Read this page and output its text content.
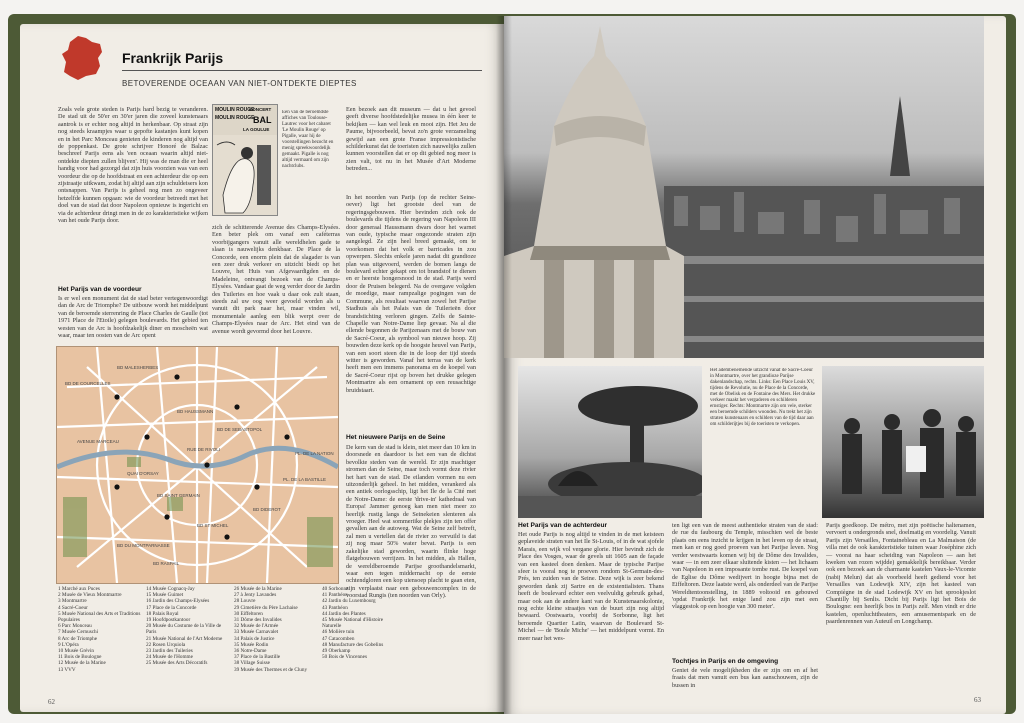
Frankrijk Parijs
BETOVERENDE OCEAAN VAN NIET-ONTDEKTE DIEPTES
Zoals vele grote steden is Parijs hard bezig te veranderen. De stad uit de 50'er en 30'er jaren die zoveel kunstenaars aantrok is er echter nog altijd in herkenbaar. Op straat zijn nog steeds kraampjes waar u gepofte kastanjes kunt kopen en in het Parc Monceau genieten de kinderen nog altijd van de poppenkast. De grote schrijver Honoré de Balzac beschreef Parijs eens als 'een oceaan waarin altijd niet-ontdekte diepten zullen blijven'. Hij was de man die er heel handig voor had gezorgd dat zijn huis voorzien was van een voordeur die op de hoofdstraat en een achterdeur die op een zijstraatje uitkwam, zodat hij altijd aan zijn schuldeisers kon ontsnappen. Van Parijs is geheel nog men zo ongeveer hetzelfde kunnen opgaan: wie de voordeur betreedt met het doel van de stad dat door Napoleon opnieuw is ingericht en via de achterdeur dringt men in de zo karakteristieke wijken van het oude Parijs door.
MOULIN ROUGE
CONCERT
BAL
MOULIN ROUGE
LA GOULUE
Een van de beroemdste affiches van Toulouse-Lautrec voor het cabaret 'Le Moulin Rouge' op Pigalle, waar hij de voorstellingen bezocht en menig spreekwoordelijk gemaakt. Pigalle is nog altijd vermaard om zijn nachtclubs.
zich de schitterende Avenue des Champs-Elysées. Een beter plek om vanaf een caféterras voorbijgangers vanuit alle wereldhelen gade te slaan is nauwelijks denkbaar. De Place de la Concorde, een enorm plein dat de slagader is van een zeer druk verkeer en uitzicht biedt op het Louvre, het Huis van Afgevaardigden en de Madeleine, ontvangt bezoek van de Champs-Elysées. Vandaar gaat de weg verder door de Jardin des Tuileries en hoe vaak u daar ook zult staan, steeds zal uw oog weer gevoeld worden als u vanuit dit park naar het, maar vinden wil, monumentale aanleg een blik werpt over de Champs-Elysées naar de Arc. Het eind van de avenue wordt gevormd door het Louvre.
Het Parijs van de voordeur
Is er wel een monument dat de stad beter vertegenwoordigt dan de Arc de Triomphe? De uitbouw wordt het middelpunt van de beroemde sterrenring de Place Charles de Gaulle (tot 1971 Place de l'Etoile) gelegen boulevards. Het gebied ten westen van de Arc is hoofdzakelijk diner en moscheën wat waar, maar ten oosten van de Arc opent
BD MALESHERBES
BD DE COURCELLES
BD HAUSSMANN
AVENUE MARCEAU
QUAI D'ORSAY
BD SAINT GERMAIN
BD DU MONTPARNASSE
BD ST MICHEL
RUE DE RIVOLI
BD DE SEBASTOPOL
BD RASPAIL
PL. DE LA BASTILLE
BD DIDEROT
PL. DE LA NATION
1 Marché aux Puces
2 Musée de Vieux Montmartre
3 Montmartre
4 Sacré-Coeur
5 Musée National des Arts et Traditions Populaires
6 Parc Monceau
7 Musée Cernuschi
8 Arc de Triomphe
9 L'Opéra
10 Musée Grévin
11 Bois de Boulogne
12 Musée de la Marine
13 VVV
14 Musée Cognacq-Jay
15 Musée Guimet
16 Jardin des Champs-Elysées
17 Place de la Concorde
18 Palais Royal
19 Hoofdpostkantoor
20 Musée du Costume de la Ville de Paris
21 Musée National de l'Art Moderne
22 Rosen Urquiola
23 Jardin des Tuileries
24 Musée de l'Homme
25 Musée des Arts Décoratifs
26 Musée de la Marine
27 à Jenty Lavandes
28 Louvre
29 Cimetière du Père Lachaise
30 Eiffeltoren
31 Dôme des Invalides
32 Musée de l'Armée
33 Musée Carnavalet
34 Palais de Justice
35 Musée Rodin
36 Notre-Dame
37 Place de la Bastille
38 Village Suisse
39 Musée des Thermes et de Cluny
40 Sorbonne
41 Panthéon
42 Jardin du Luxembourg
43 Panthéon
44 Jardin des Plantes
45 Musée National d'Histoire Naturelle
46 Molière tuin
47 Catacomben
48 Manufacture des Gobelins
49 Oberkamp
50 Bois de Vincennes
Een bezoek aan dit museum — dat u het gevoel geeft diverse hoofdstedelijke musea in één keer te bekijken — kan wel leuk en mooi zijn. Het Jeu de Paume, bijvoorbeeld, bevat zo'n grote verzameling gewijd aan een grote Franse impressionistische schilderkunst dat de toeristen zich nauwelijks zullen kunnen voorstellen dat er op dit gebied nog meer is zien valt, tot nu in het Musée d'Art Moderne betreden...
In het noorden van Parijs (op de rechter Seine-oever) ligt het grootste deel van de regeringsgebouwen. Hier bevinden zich ook de boulevards die tijdens de regering van Napoleon III door generaal Haussmann dwars door het warnet van oude, typische maar ongezonde straten zijn aangelegd. Ze zijn heel breed gemaakt, om te voorkomen dat het volk er barricades in zou opwerpen. Slechts enkele jaren nadat dit grandioze plan was uitgevoerd, werden de bomen langs de boulevard echter gekapt om tot brandstof te dienen en er heerste hongersnood in de stad. Parijs werd door de Pruisen belegerd. Na de overgave volgden de moedige, maar rampzalige pogingen van de Commune, als resultaat waarvan zowel het Parijse Stadhuis als het Palais van de Tuilerieën door brandstichting verloren gingen. Zelfs de Sainte-Chapelle van Notre-Dame liep gevaar. Na al die ellende begonnen de Parijzenaars met de bouw van de Sacré-Coeur, als symbool van nieuwe hoop. Zij bouwden deze kerk op de hoogste heuvel van Parijs, van een soort steen die in de loop der tijd steeds witter is geworden. Vanaf het terras van de kerk heeft men een immens panorama en de koepel van de Sacré-Coeur rijst op boven het drukke gelegen Montmartre als een ornament op een reusachtige bruidstaart.
Het nieuwere Parijs en de Seine
De kern van de stad is klein, niet meer dan 10 km in doorsnede en daardoor is het een van de dichtst bevolkte steden van de wereld. Er zijn machtiger stromen dan de Seine, maar toch vormt deze rivier het hart van de stad. De eilanden vormen nu een uitzonderlijk geheel. In het midden, verankerd als een antiek oorlogsschip, ligt het Ile de la Cité met de Notre-Dame: de eerste 'drive-in' kathedraal van Europa! Jammer genoeg kan men niet meer zo heerlijk rustig langs de Seinekeien slenteren als vroeger. Heel wat sommeriike plekjes zijn ten offer gevallen aan de autoweg. Wat de Seine zelf betreft, zal men u vertellen dat de rivier zo vervuild is dat zij nog maar 50% water bevat. Parijs is een zakelijke stad geworden, waarin flinke hoge flatgebouwen verrijzen. In het midden, als Hallen, de wereldberoemde Parijse groothandelsmarkt, waar een tegen middernacht op de eerste ochtendgloren een kop uiensoep placht te gaan eten, zijn verplaatst naar een gebouwencomplex in de voorstad Rungis (ten noorden van Orly).
62
Het adembenemende uitzicht vanaf de Sacré-Coeur in Montmartre, over het grandioze Parijse dakenlandschap, rechts. Links: Een Place Louis XV, tijdens de Revolutie, nu de Place de la Concorde, met de Obelisk en de Fontaine des Mers. Het drukke verkeer maakt het vergaderen en schilderen ernstiger. Rechts: Montmartre zijn om vele, sterker een beroemde schilders woonden. Nu trekt het zijn straten kunstenaars en schilders van de tijd daar aan om schilderijtjes bij de toeristen te verkopen.
Het Parijs van de achterdeur
Het oude Parijs is nog altijd te vinden in de met keisteen geplaveide straten van het Ile St-Louis, of in de wat sjofele Marais, een wijk vol vergane glorie. Hier bevindt zich de Place des Vosges, waar de gevels uit 1605 aan de façade van een kasteel doen denken. Maar de typische Parijse sfeer is vooral nog te proeven rondom St-Germain-des-Prés, ten zuiden van de Seine. Deze wijk is zeer bekend geworden dank zij Sartre en de existentialisten. Thans heeft de boulevard echter een veelvuldig gebruik gehad, maar ook aan de andere kant van de Kunstenaarskolonie, nog echte kleine straatjes van de buurt zijn nog altijd bewaard. Oostwaarts, voorbij de Sorbonne, ligt het beroemde Quartier Latin, waarvan de Boulevard St-Michel — de 'Boule Miche' — het middelpunt vormt. En meer naar het wes-
ten ligt een van de meest authentieke straten van de stad: de rue du faubourg du Temple, misschien wel de beste plaats om eens inzicht te krijgen in het leven op de straat, men kan er nog goed proeven van het Parijse leven. Nog verder westwaarts komen wij bij de Dôme des Invalides, waar — in een zeer elkaar sluitende kisten — het lichaam van Napoleon in een imposante tombe rust. De koepel van de Eglise du Dôme wedijvert in hoogte bijna met de Eiffeltoren. Deze laatste werd, als onderdeel van de Parijse Wereldtentoonstelling, in 1889 voltooid en gebouwd 'opdat Frankrijk het enige land zou zijn met een vlaggestok op een hoogte van 300 meter'.
Tochtjes in Parijs en de omgeving
Geniet de vele mogelijkheden die er zijn om en af het fraais dat men vanuit een bus kan aanschouwen, zijn de bussen in
Parijs goedkoop. De métro, met zijn poëtische haltenamen, vervoert u ondergronds snel, doelmatig en voordelig. Vanuit Parijs zijn Versailles, Fontainebleau en La Malmaison (de villa met de ook karakteristieke tuinen waar Joséphine zich — voorai na haar scheiding van Napoleon — aan het kweken van rozen wijdde) gemakkelijk bereikbaar. Verder ook een bezoek aan de charmante kastelen Vaux-le-Vicomte (nabij Melun) dat als voorbeeld heeft gediend voor het Versailles van Lodewijk XIV, zijn het kasteel van Compiègne in de stad Lodewijk XV en het sprookjeslot Chantilly bij Senlis. Dicht bij Parijs ligt het Bois de Boulogne: een heerlijk bos in Parijs zelf. Men vindt er drie kastelen, openluchttheaters, een amusementspark en de paardenrennen van Auteuil en Longchamp.
63
